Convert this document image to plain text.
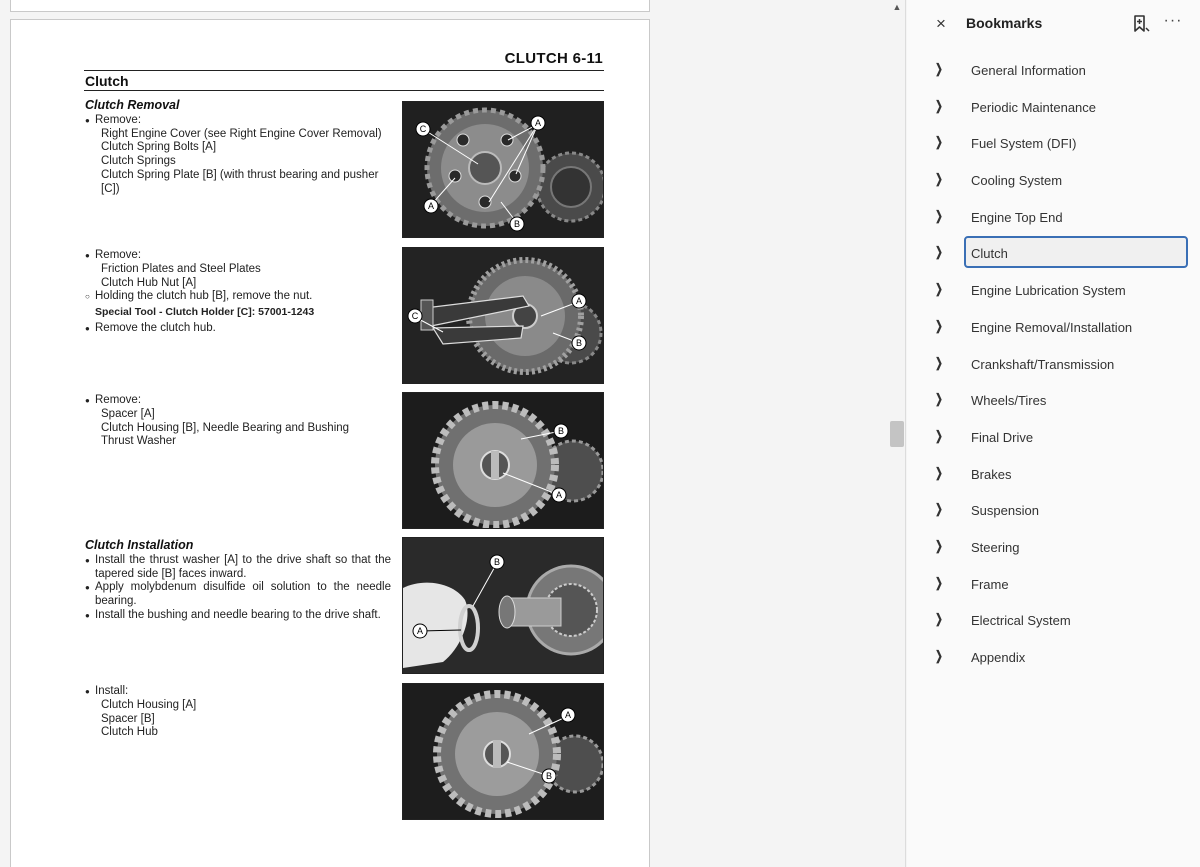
CLUTCH 6-11
Clutch
Clutch Removal
● Remove:
Right Engine Cover (see Right Engine Cover Removal)
Clutch Spring Bolts [A]
Clutch Springs
Clutch Spring Plate [B] (with thrust bearing and pusher [C])
● Remove:
Friction Plates and Steel Plates
Clutch Hub Nut [A]
○ Holding the clutch hub [B], remove the nut.
Special Tool - Clutch Holder [C]: 57001-1243
● Remove the clutch hub.
● Remove:
Spacer [A]
Clutch Housing [B], Needle Bearing and Bushing
Thrust Washer
Clutch Installation
● Install the thrust washer [A] to the drive shaft so that the tapered side [B] faces inward.
● Apply molybdenum disulfide oil solution to the needle bearing.
● Install the bushing and needle bearing to the drive shaft.
● Install:
Clutch Housing [A]
Spacer [B]
Clutch Hub
C
A
A
B
A
B
C
B
A
B
A
A
B
▲
×	Bookmarks	···
❯ General Information
❯ Periodic Maintenance
❯ Fuel System (DFI)
❯ Cooling System
❯ Engine Top End
❯ Clutch
❯ Engine Lubrication System
❯ Engine Removal/Installation
❯ Crankshaft/Transmission
❯ Wheels/Tires
❯ Final Drive
❯ Brakes
❯ Suspension
❯ Steering
❯ Frame
❯ Electrical System
❯ Appendix
